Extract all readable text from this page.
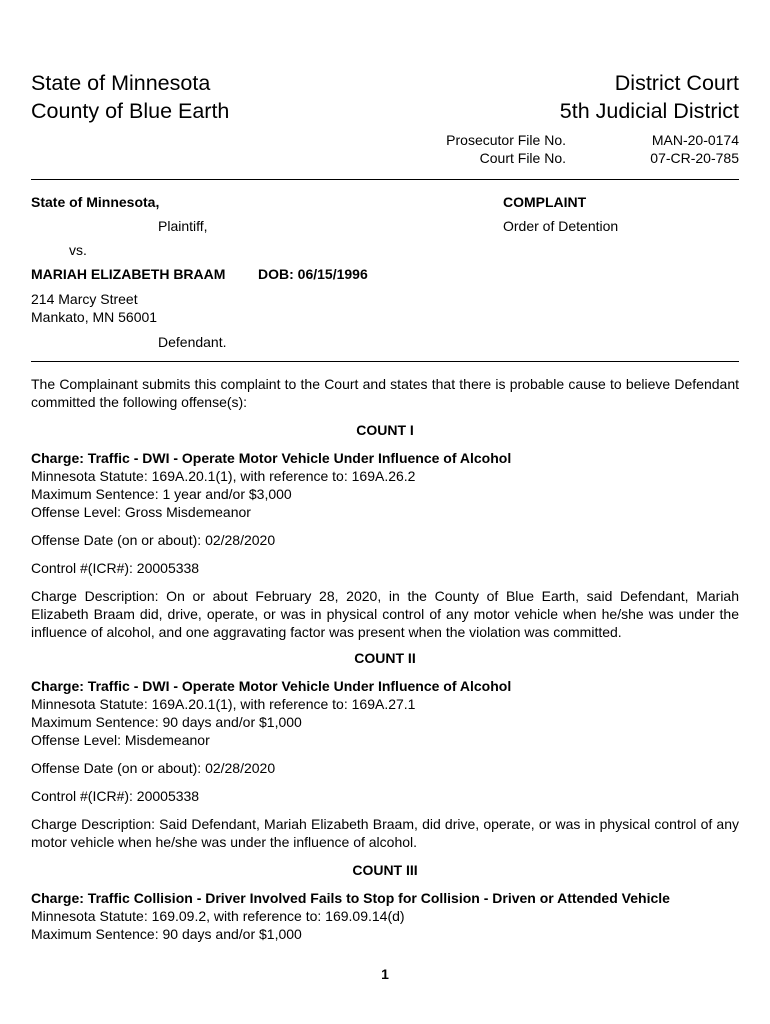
State of Minnesota
County of Blue Earth
District Court
5th Judicial District
Prosecutor File No.	MAN-20-0174
Court File No.	07-CR-20-785
State of Minnesota,
Plaintiff,
vs.
MARIAH ELIZABETH BRAAM DOB: 06/15/1996
214 Marcy Street
Mankato, MN 56001
Defendant.
COMPLAINT
Order of Detention

The Complainant submits this complaint to the Court and states that there is probable cause to believe Defendant committed the following offense(s):

COUNT I

Charge: Traffic - DWI - Operate Motor Vehicle Under Influence of Alcohol

Minnesota Statute: 169A.20.1(1), with reference to: 169A.26.2

Maximum Sentence: 1 year and/or $3,000

Offense Level: Gross Misdemeanor

Offense Date (on or about): 02/28/2020

Control #(ICR#): 20005338

Charge Description: On or about February 28, 2020, in the County of Blue Earth, said Defendant, Mariah Elizabeth Braam did, drive, operate, or was in physical control of any motor vehicle when he/she was under the influence of alcohol, and one aggravating factor was present when the violation was committed.

COUNT II

Charge: Traffic - DWI - Operate Motor Vehicle Under Influence of Alcohol

Minnesota Statute: 169A.20.1(1), with reference to: 169A.27.1

Maximum Sentence: 90 days and/or $1,000

Offense Level: Misdemeanor

Offense Date (on or about): 02/28/2020

Control #(ICR#): 20005338

Charge Description: Said Defendant, Mariah Elizabeth Braam, did drive, operate, or was in physical control of any motor vehicle when he/she was under the influence of alcohol.

COUNT III

Charge: Traffic Collision - Driver Involved Fails to Stop for Collision - Driven or Attended Vehicle

Minnesota Statute: 169.09.2, with reference to: 169.09.14(d)

Maximum Sentence: 90 days and/or $1,000

1
